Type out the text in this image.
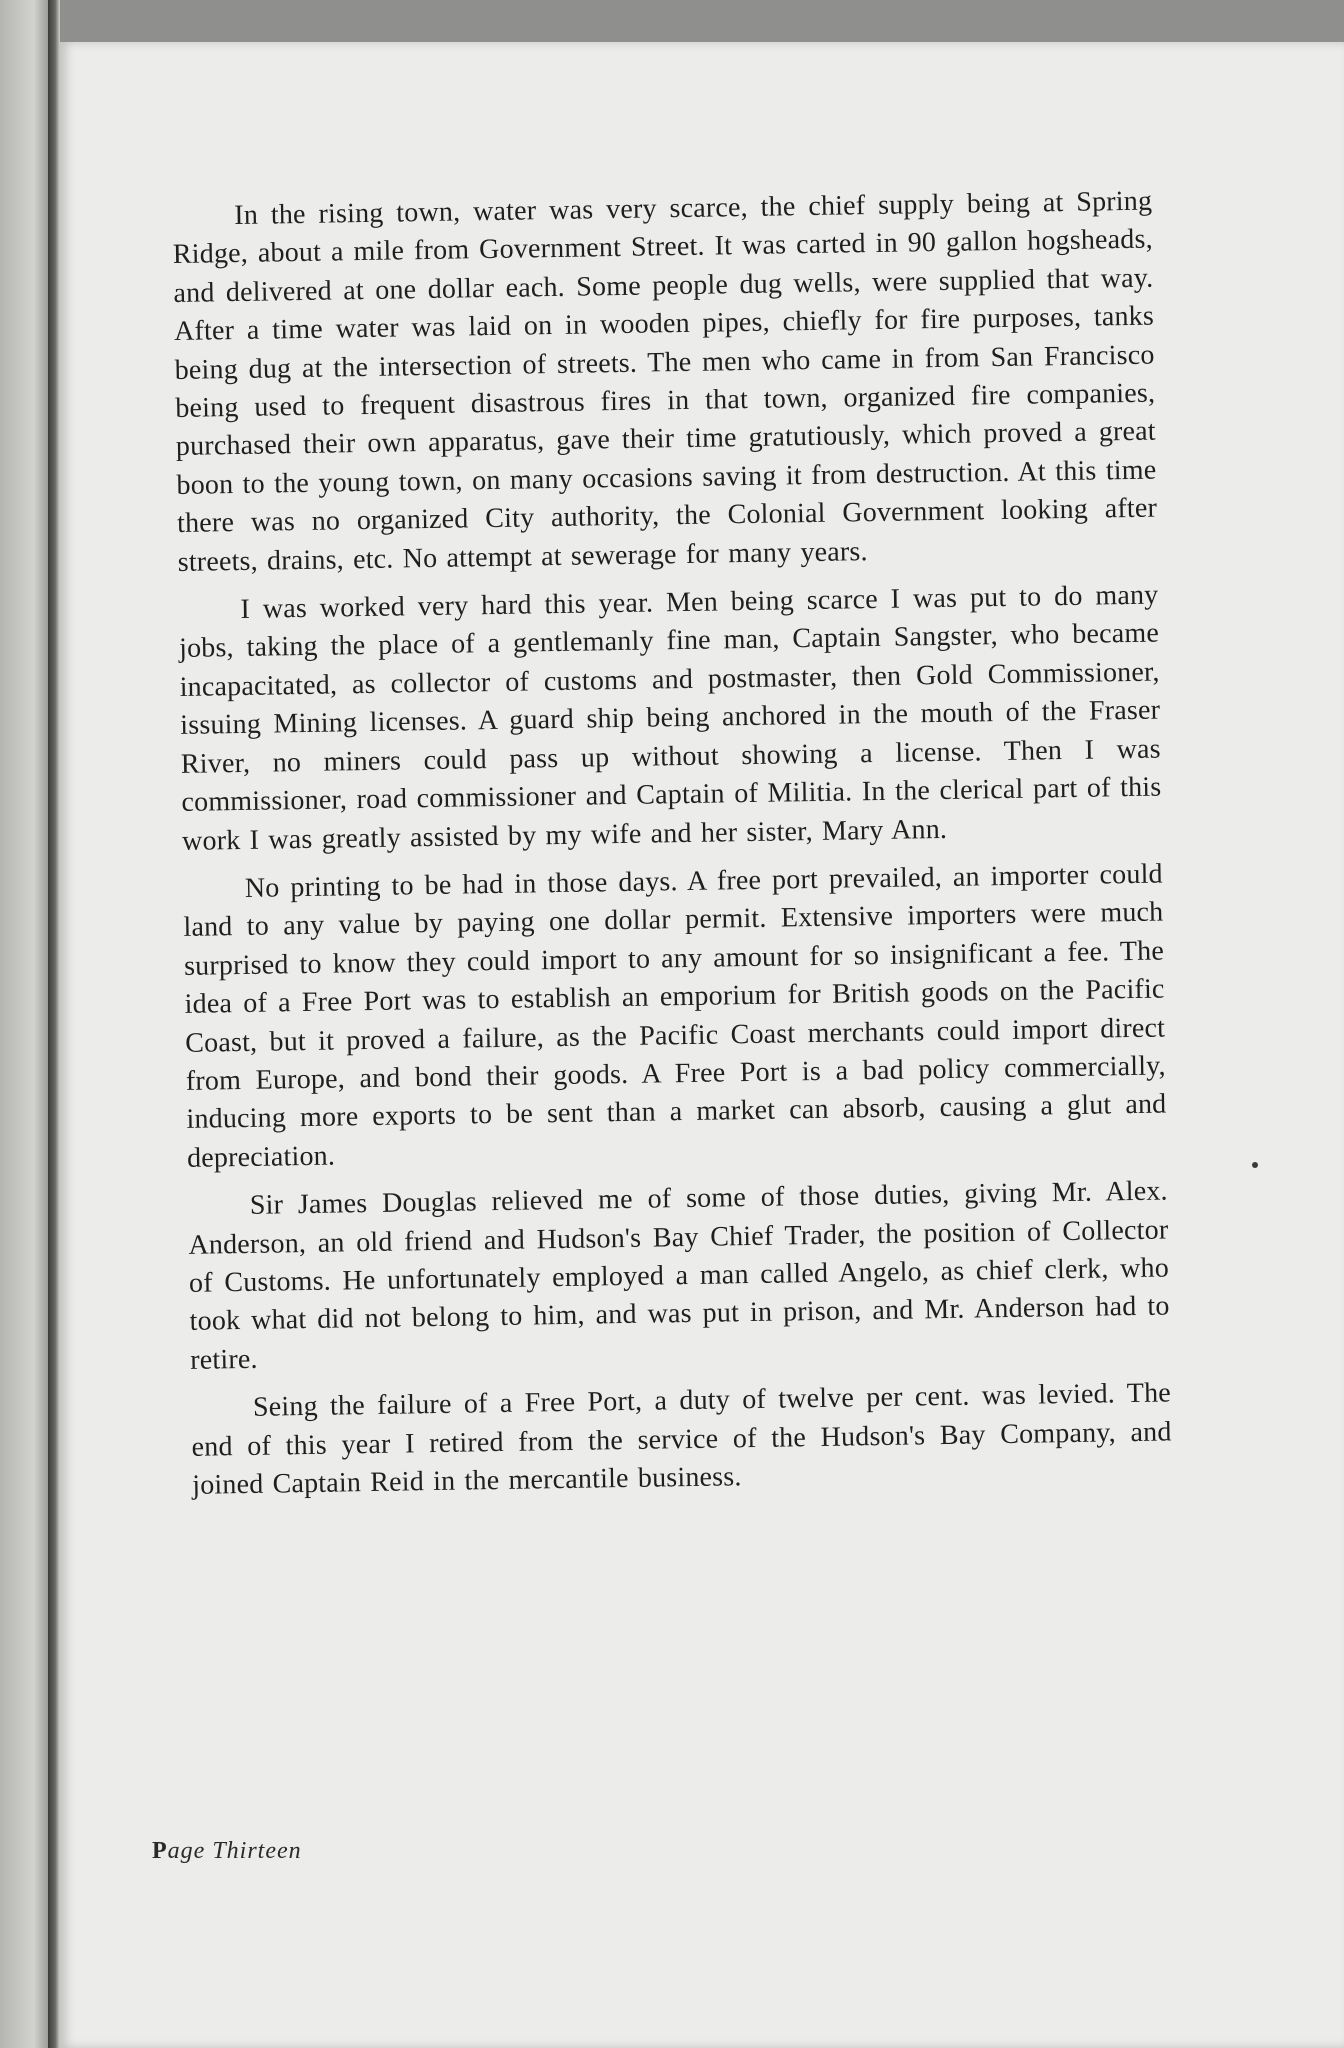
In the rising town, water was very scarce, the chief supply being at Spring Ridge, about a mile from Government Street. It was carted in 90 gallon hogsheads, and delivered at one dollar each. Some people dug wells, were supplied that way. After a time water was laid on in wooden pipes, chiefly for fire purposes, tanks being dug at the intersection of streets. The men who came in from San Francisco being used to frequent disastrous fires in that town, organized fire companies, purchased their own apparatus, gave their time gratutiously, which proved a great boon to the young town, on many occasions saving it from destruction. At this time there was no organized City authority, the Colonial Government looking after streets, drains, etc. No attempt at sewerage for many years.

I was worked very hard this year. Men being scarce I was put to do many jobs, taking the place of a gentlemanly fine man, Captain Sangster, who became incapacitated, as collector of customs and postmaster, then Gold Commissioner, issuing Mining licenses. A guard ship being anchored in the mouth of the Fraser River, no miners could pass up without showing a license. Then I was commissioner, road commissioner and Captain of Militia. In the clerical part of this work I was greatly assisted by my wife and her sister, Mary Ann.

No printing to be had in those days. A free port prevailed, an importer could land to any value by paying one dollar permit. Extensive importers were much surprised to know they could import to any amount for so insignificant a fee. The idea of a Free Port was to establish an emporium for British goods on the Pacific Coast, but it proved a failure, as the Pacific Coast merchants could import direct from Europe, and bond their goods. A Free Port is a bad policy commercially, inducing more exports to be sent than a market can absorb, causing a glut and depreciation.

Sir James Douglas relieved me of some of those duties, giving Mr. Alex. Anderson, an old friend and Hudson's Bay Chief Trader, the position of Collector of Customs. He unfortunately employed a man called Angelo, as chief clerk, who took what did not belong to him, and was put in prison, and Mr. Anderson had to retire.

Seing the failure of a Free Port, a duty of twelve per cent. was levied. The end of this year I retired from the service of the Hudson's Bay Company, and joined Captain Reid in the mercantile business.

Page Thirteen
